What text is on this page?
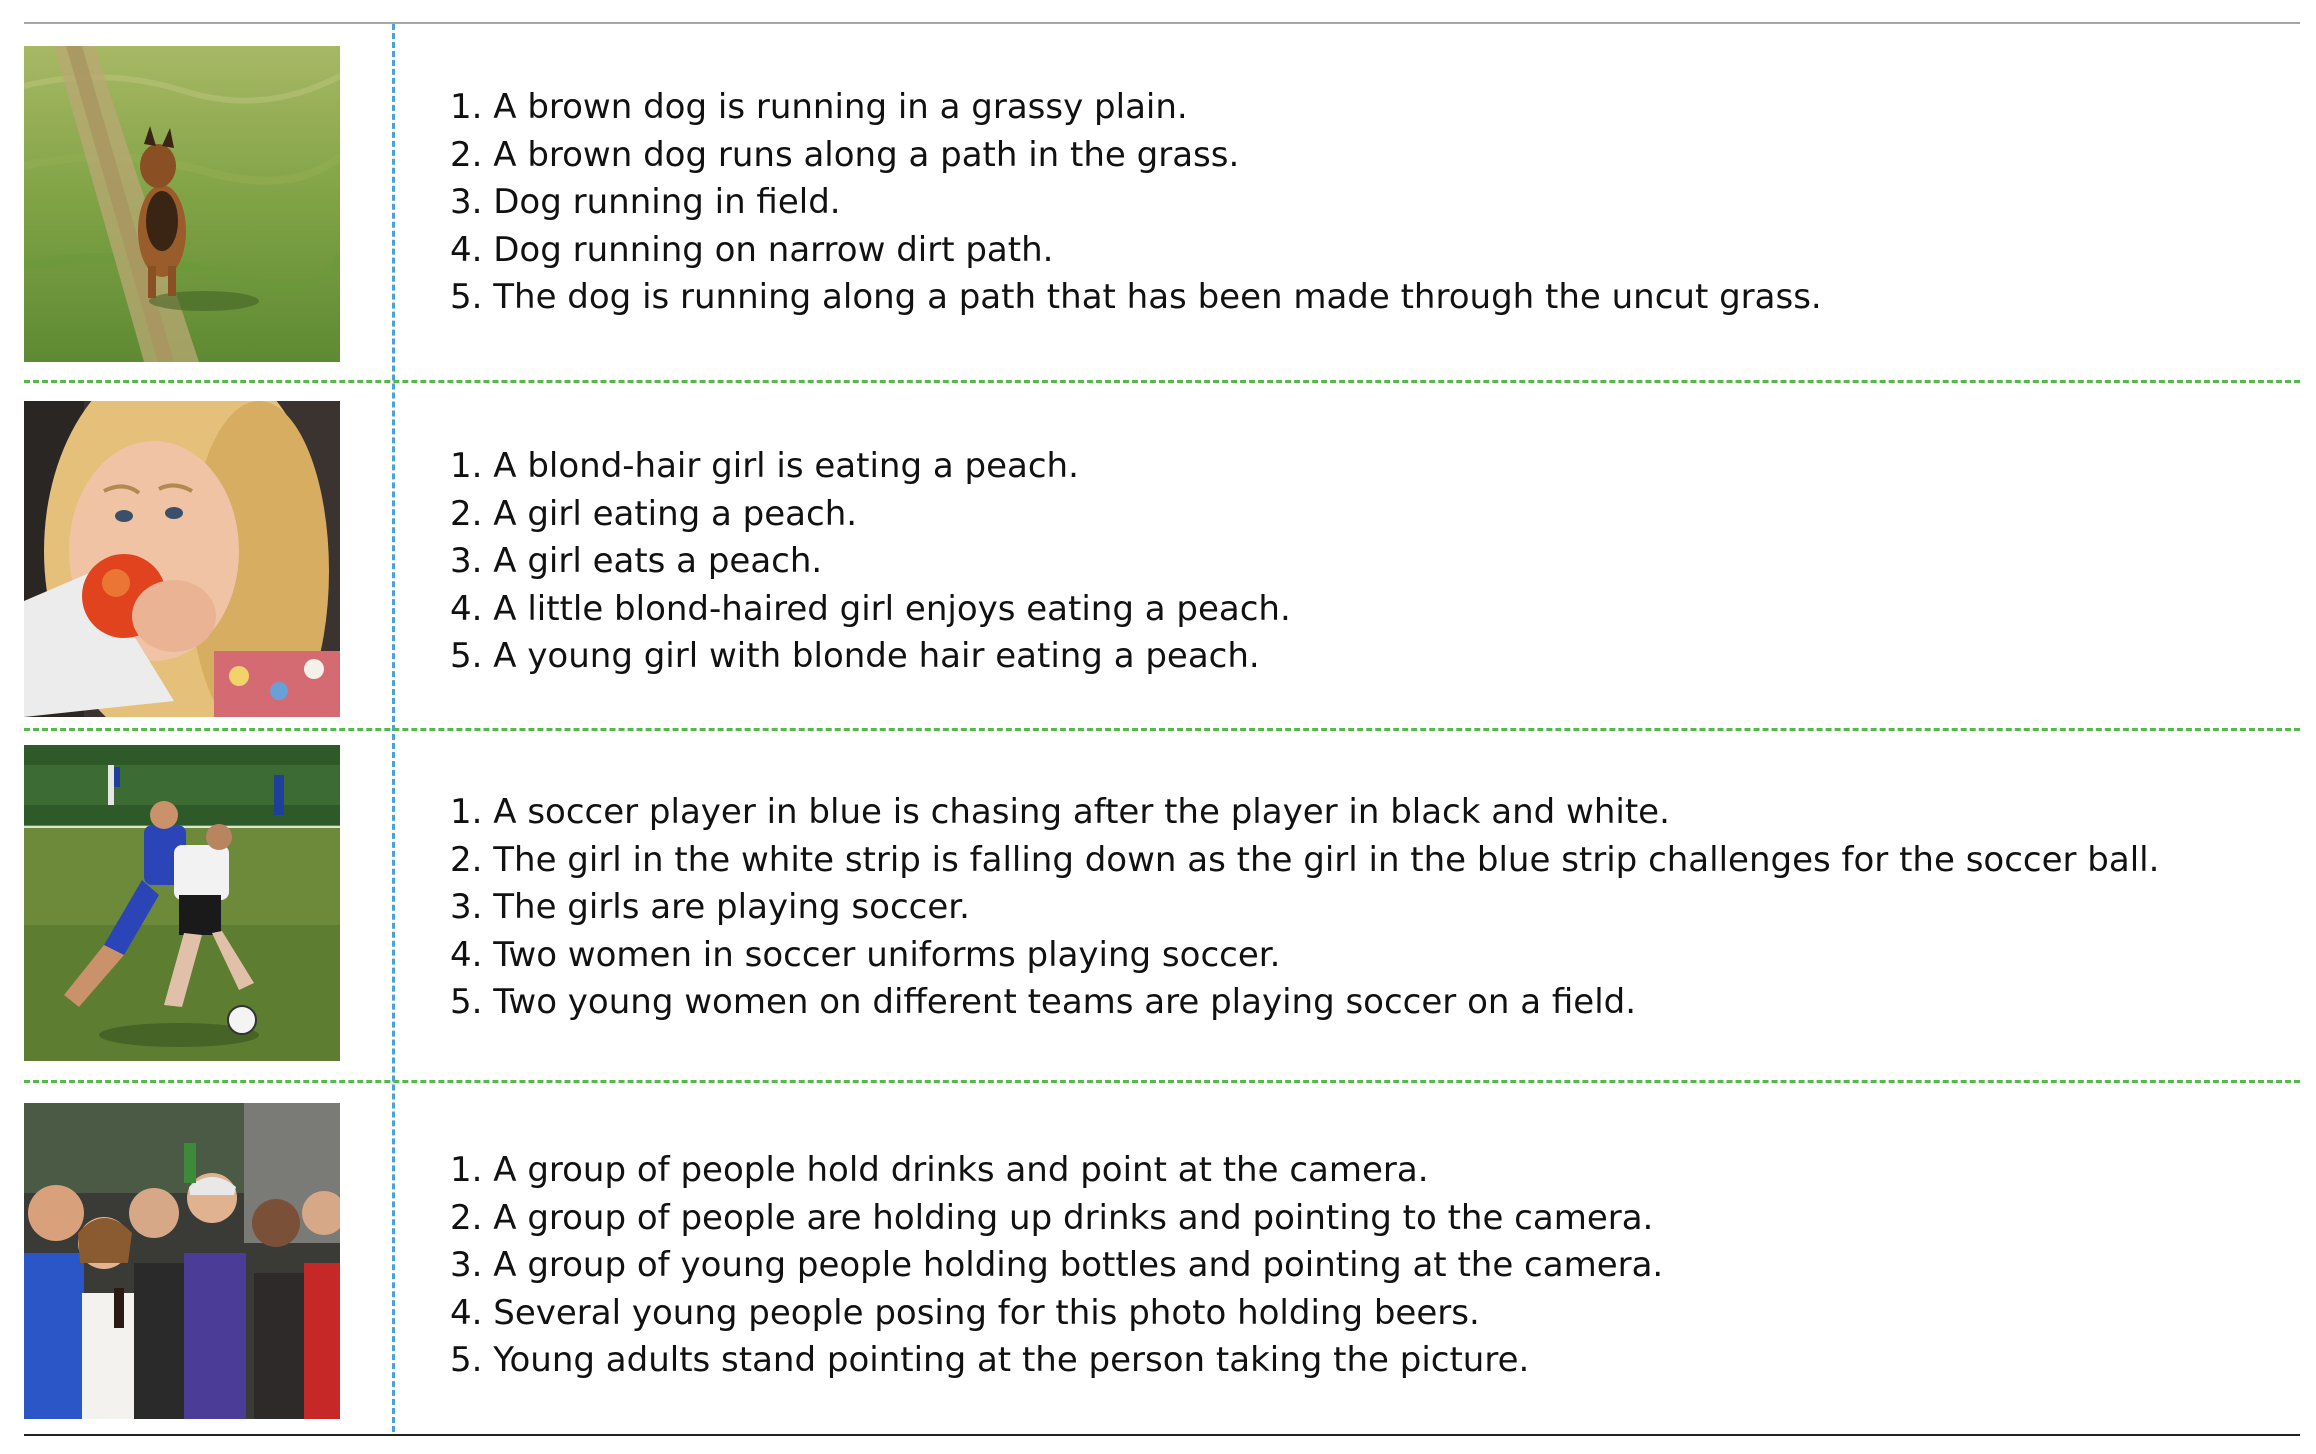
1. A brown dog is running in a grassy plain.
2. A brown dog runs along a path in the grass.
3. Dog running in field.
4. Dog running on narrow dirt path.
5. The dog is running along a path that has been made through the uncut grass.
1. A blond-hair girl is eating a peach.
2. A girl eating a peach.
3. A girl eats a peach.
4. A little blond-haired girl enjoys eating a peach.
5. A young girl with blonde hair eating a peach.
1. A soccer player in blue is chasing after the player in black and white.
2. The girl in the white strip is falling down as the girl in the blue strip challenges for the soccer ball.
3. The girls are playing soccer.
4. Two women in soccer uniforms playing soccer.
5. Two young women on different teams are playing soccer on a field.
1. A group of people hold drinks and point at the camera.
2. A group of people are holding up drinks and pointing to the camera.
3. A group of young people holding bottles and pointing at the camera.
4. Several young people posing for this photo holding beers.
5. Young adults stand pointing at the person taking the picture.
